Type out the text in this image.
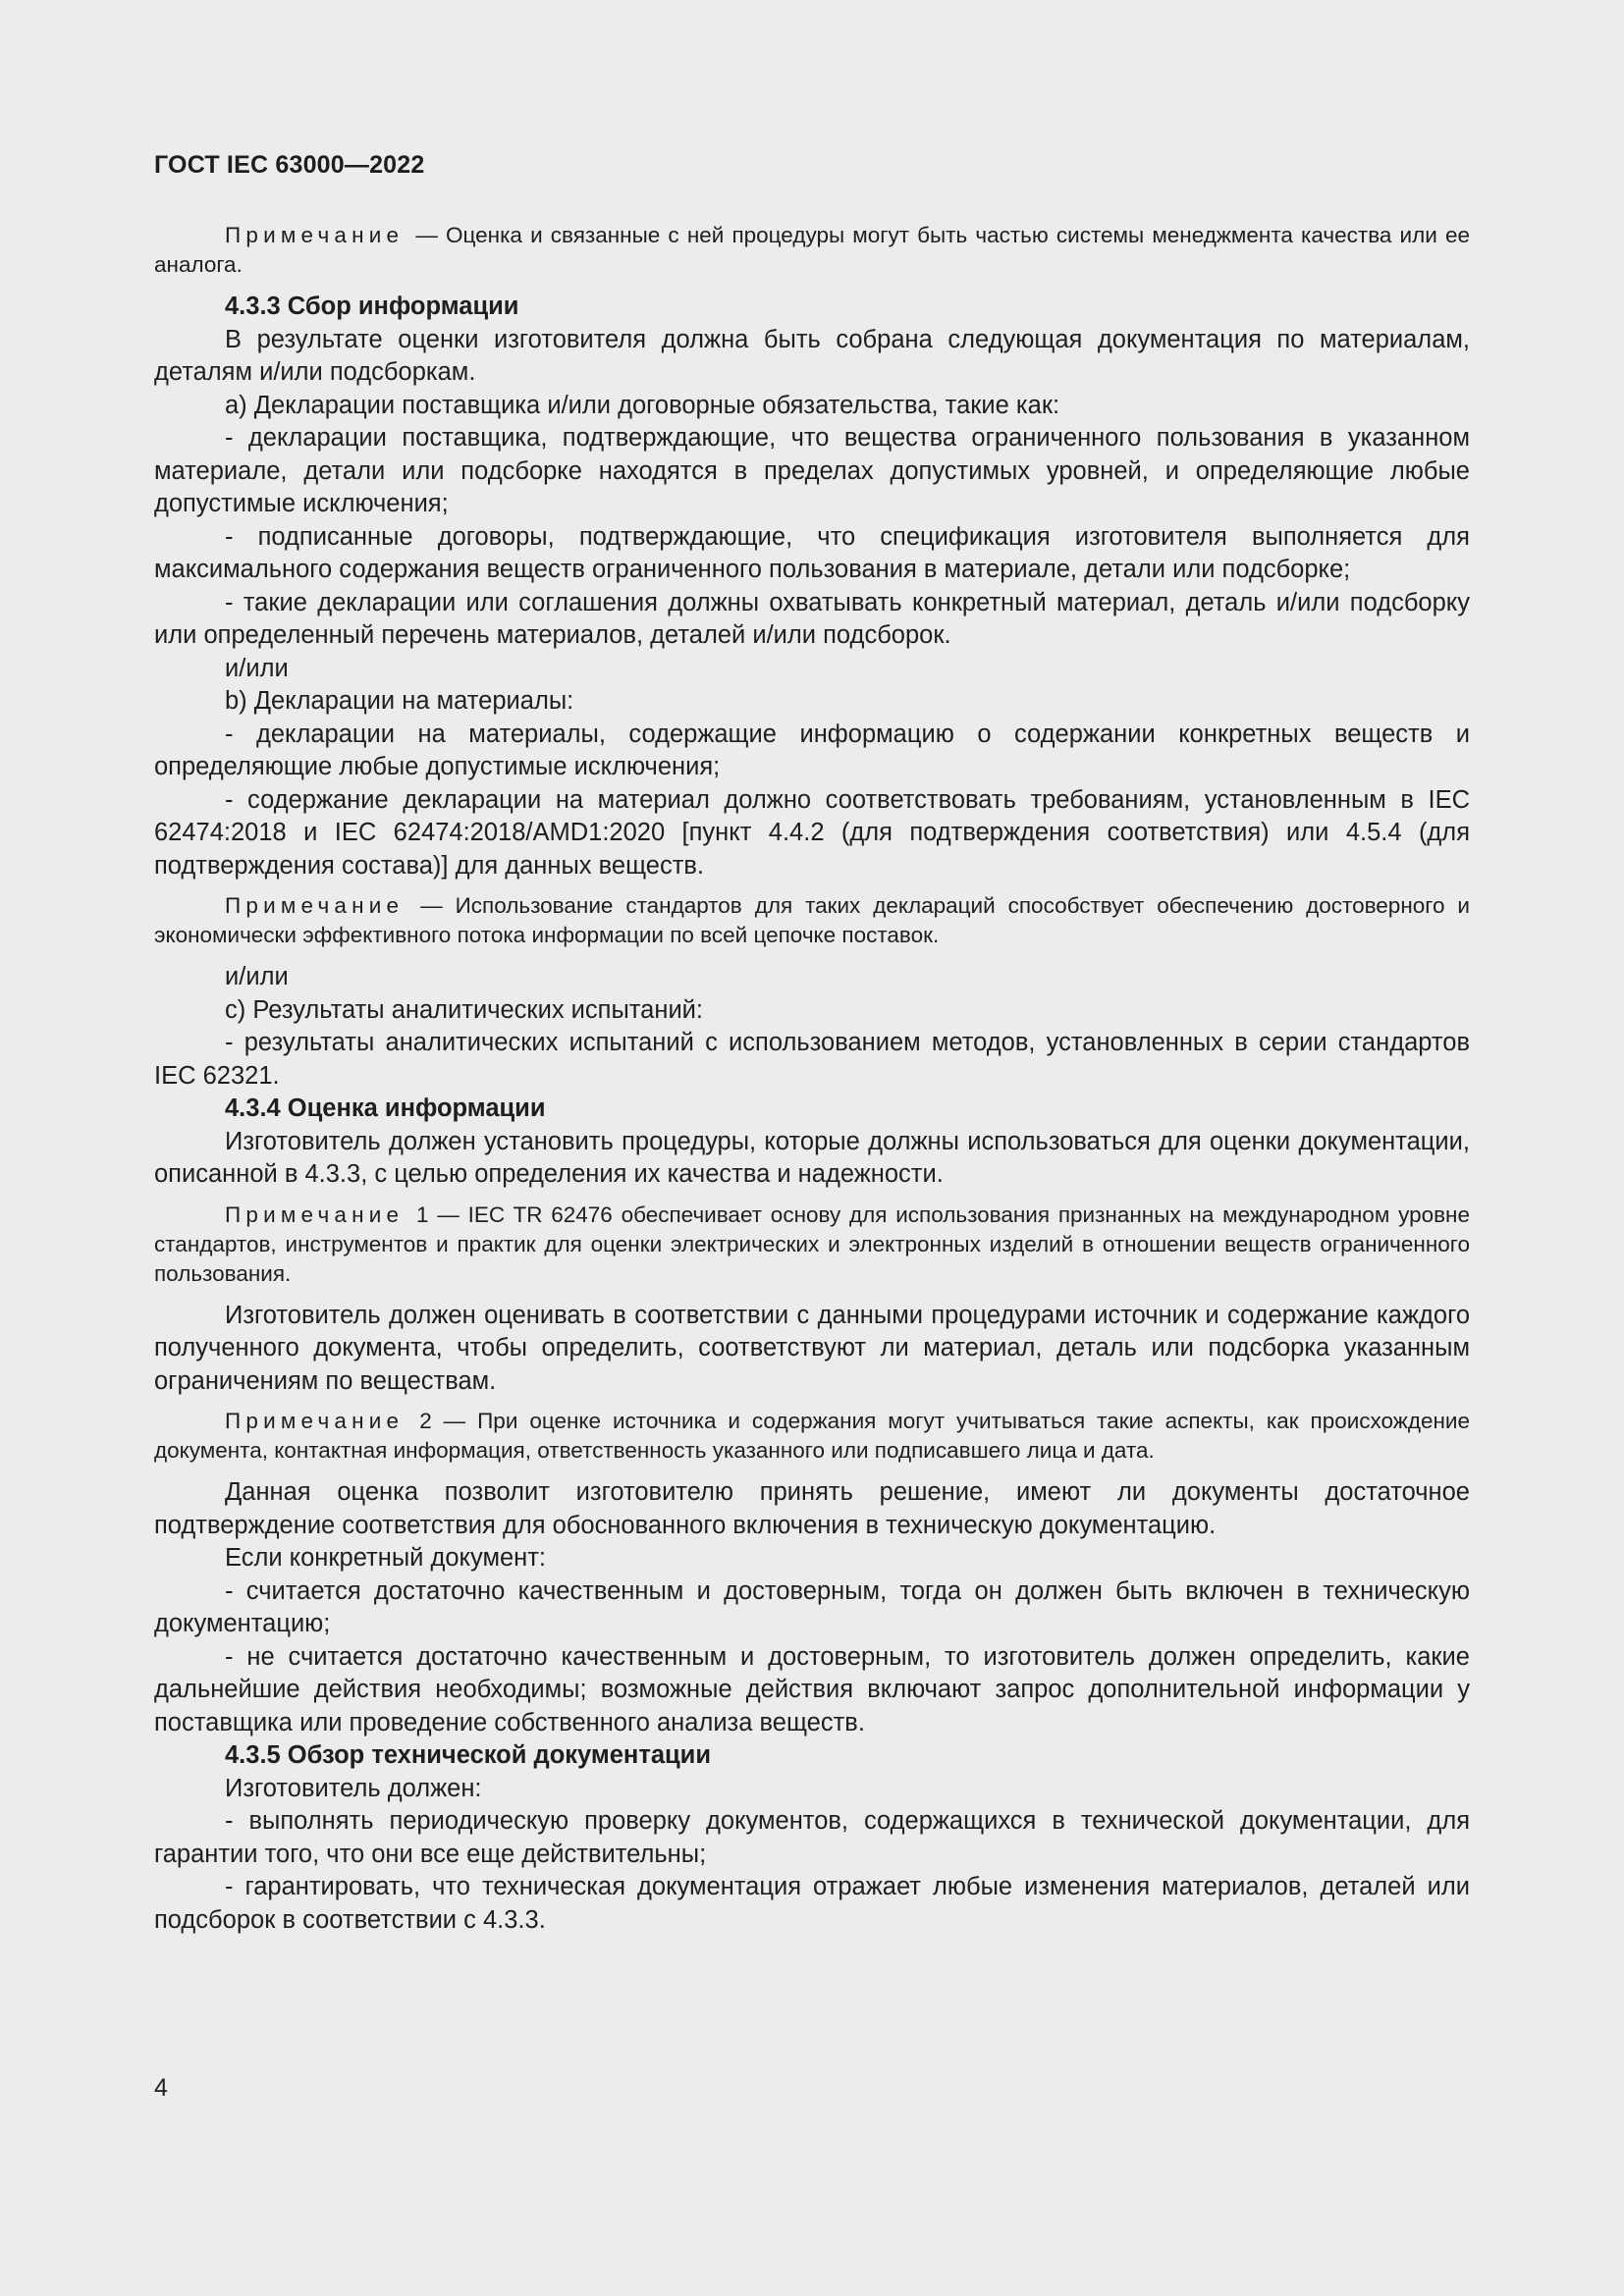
ГОСТ IEC 63000—2022

Примечание — Оценка и связанные с ней процедуры могут быть частью системы менеджмента качества или ее аналога.

4.3.3 Сбор информации

В результате оценки изготовителя должна быть собрана следующая документация по материалам, деталям и/или подсборкам.

a) Декларации поставщика и/или договорные обязательства, такие как:

- декларации поставщика, подтверждающие, что вещества ограниченного пользования в указанном материале, детали или подсборке находятся в пределах допустимых уровней, и определяющие любые допустимые исключения;

- подписанные договоры, подтверждающие, что спецификация изготовителя выполняется для максимального содержания веществ ограниченного пользования в материале, детали или подсборке;

- такие декларации или соглашения должны охватывать конкретный материал, деталь и/или подсборку или определенный перечень материалов, деталей и/или подсборок.

и/или

b) Декларации на материалы:

- декларации на материалы, содержащие информацию о содержании конкретных веществ и определяющие любые допустимые исключения;

- содержание декларации на материал должно соответствовать требованиям, установленным в IEC 62474:2018 и IEC 62474:2018/AMD1:2020 [пункт 4.4.2 (для подтверждения соответствия) или 4.5.4 (для подтверждения состава)] для данных веществ.

Примечание — Использование стандартов для таких деклараций способствует обеспечению достоверного и экономически эффективного потока информации по всей цепочке поставок.

и/или

c) Результаты аналитических испытаний:

- результаты аналитических испытаний с использованием методов, установленных в серии стандартов IEC 62321.

4.3.4 Оценка информации

Изготовитель должен установить процедуры, которые должны использоваться для оценки документации, описанной в 4.3.3, с целью определения их качества и надежности.

Примечание 1 — IEC TR 62476 обеспечивает основу для использования признанных на международном уровне стандартов, инструментов и практик для оценки электрических и электронных изделий в отношении веществ ограниченного пользования.

Изготовитель должен оценивать в соответствии с данными процедурами источник и содержание каждого полученного документа, чтобы определить, соответствуют ли материал, деталь или подсборка указанным ограничениям по веществам.

Примечание 2 — При оценке источника и содержания могут учитываться такие аспекты, как происхождение документа, контактная информация, ответственность указанного или подписавшего лица и дата.

Данная оценка позволит изготовителю принять решение, имеют ли документы достаточное подтверждение соответствия для обоснованного включения в техническую документацию.

Если конкретный документ:

- считается достаточно качественным и достоверным, тогда он должен быть включен в техническую документацию;

- не считается достаточно качественным и достоверным, то изготовитель должен определить, какие дальнейшие действия необходимы; возможные действия включают запрос дополнительной информации у поставщика или проведение собственного анализа веществ.

4.3.5 Обзор технической документации

Изготовитель должен:

- выполнять периодическую проверку документов, содержащихся в технической документации, для гарантии того, что они все еще действительны;

- гарантировать, что техническая документация отражает любые изменения материалов, деталей или подсборок в соответствии с 4.3.3.

4
